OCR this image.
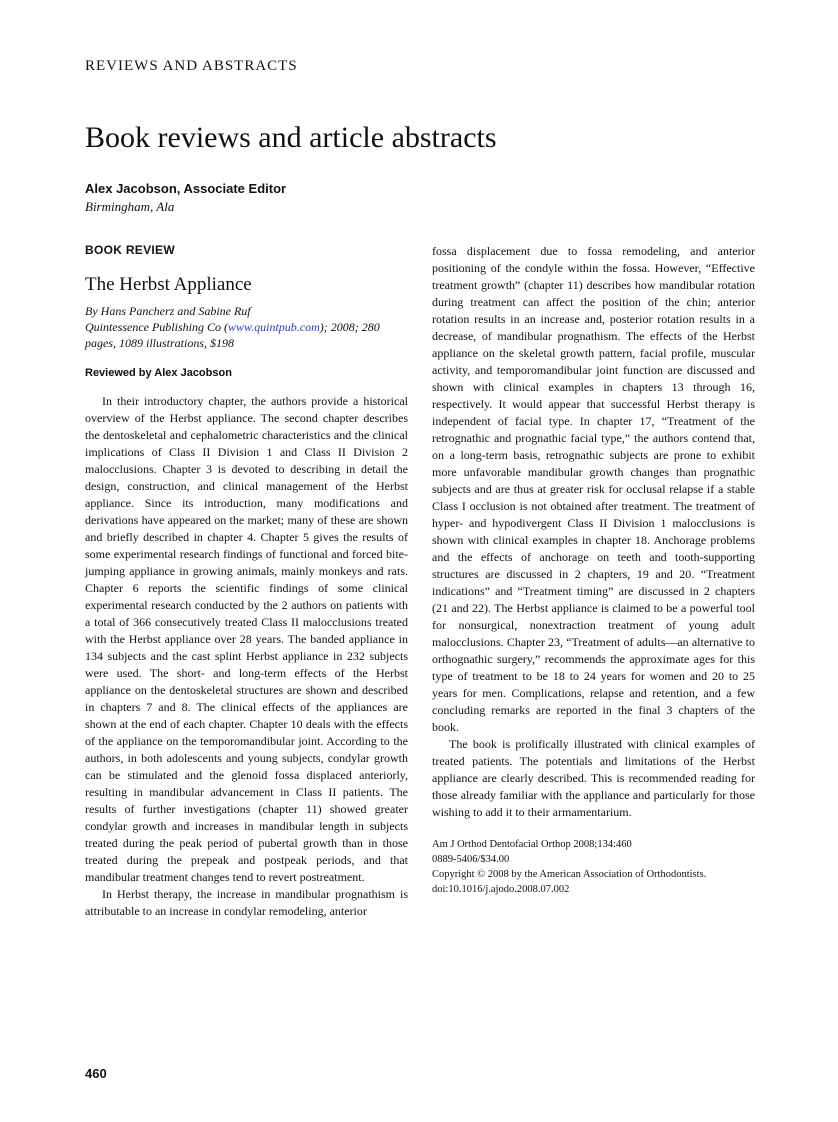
REVIEWS AND ABSTRACTS
Book reviews and article abstracts
Alex Jacobson, Associate Editor
Birmingham, Ala
BOOK REVIEW
The Herbst Appliance
By Hans Pancherz and Sabine Ruf
Quintessence Publishing Co (www.quintpub.com); 2008; 280 pages, 1089 illustrations, $198
Reviewed by Alex Jacobson

In their introductory chapter, the authors provide a historical overview of the Herbst appliance. The second chapter describes the dentoskeletal and cephalometric characteristics and the clinical implications of Class II Division 1 and Class II Division 2 malocclusions. Chapter 3 is devoted to describing in detail the design, construction, and clinical management of the Herbst appliance. Since its introduction, many modifications and derivations have appeared on the market; many of these are shown and briefly described in chapter 4. Chapter 5 gives the results of some experimental research findings of functional and forced bite-jumping appliance in growing animals, mainly monkeys and rats. Chapter 6 reports the scientific findings of some clinical experimental research conducted by the 2 authors on patients with a total of 366 consecutively treated Class II malocclusions treated with the Herbst appliance over 28 years. The banded appliance in 134 subjects and the cast splint Herbst appliance in 232 subjects were used. The short- and long-term effects of the Herbst appliance on the dentoskeletal structures are shown and described in chapters 7 and 8. The clinical effects of the appliances are shown at the end of each chapter. Chapter 10 deals with the effects of the appliance on the temporomandibular joint. According to the authors, in both adolescents and young subjects, condylar growth can be stimulated and the glenoid fossa displaced anteriorly, resulting in mandibular advancement in Class II patients. The results of further investigations (chapter 11) showed greater condylar growth and increases in mandibular length in subjects treated during the peak period of pubertal growth than in those treated during the prepeak and postpeak periods, and that mandibular treatment changes tend to revert postreatment.

In Herbst therapy, the increase in mandibular prognathism is attributable to an increase in condylar remodeling, anterior

fossa displacement due to fossa remodeling, and anterior positioning of the condyle within the fossa. However, “Effective treatment growth” (chapter 11) describes how mandibular rotation during treatment can affect the position of the chin; anterior rotation results in an increase and, posterior rotation results in a decrease, of mandibular prognathism. The effects of the Herbst appliance on the skeletal growth pattern, facial profile, muscular activity, and temporomandibular joint function are discussed and shown with clinical examples in chapters 13 through 16, respectively. It would appear that successful Herbst therapy is independent of facial type. In chapter 17, “Treatment of the retrognathic and prognathic facial type,” the authors contend that, on a long-term basis, retrognathic subjects are prone to exhibit more unfavorable mandibular growth changes than prognathic subjects and are thus at greater risk for occlusal relapse if a stable Class I occlusion is not obtained after treatment. The treatment of hyper- and hypodivergent Class II Division 1 malocclusions is shown with clinical examples in chapter 18. Anchorage problems and the effects of anchorage on teeth and tooth-supporting structures are discussed in 2 chapters, 19 and 20. “Treatment indications” and “Treatment timing” are discussed in 2 chapters (21 and 22). The Herbst appliance is claimed to be a powerful tool for nonsurgical, nonextraction treatment of young adult malocclusions. Chapter 23, “Treatment of adults—an alternative to orthognathic surgery,” recommends the approximate ages for this type of treatment to be 18 to 24 years for women and 20 to 25 years for men. Complications, relapse and retention, and a few concluding remarks are reported in the final 3 chapters of the book.

The book is prolifically illustrated with clinical examples of treated patients. The potentials and limitations of the Herbst appliance are clearly described. This is recommended reading for those already familiar with the appliance and particularly for those wishing to add it to their armamentarium.

Am J Orthod Dentofacial Orthop 2008;134:460
0889-5406/$34.00
Copyright © 2008 by the American Association of Orthodontists.
doi:10.1016/j.ajodo.2008.07.002
460
